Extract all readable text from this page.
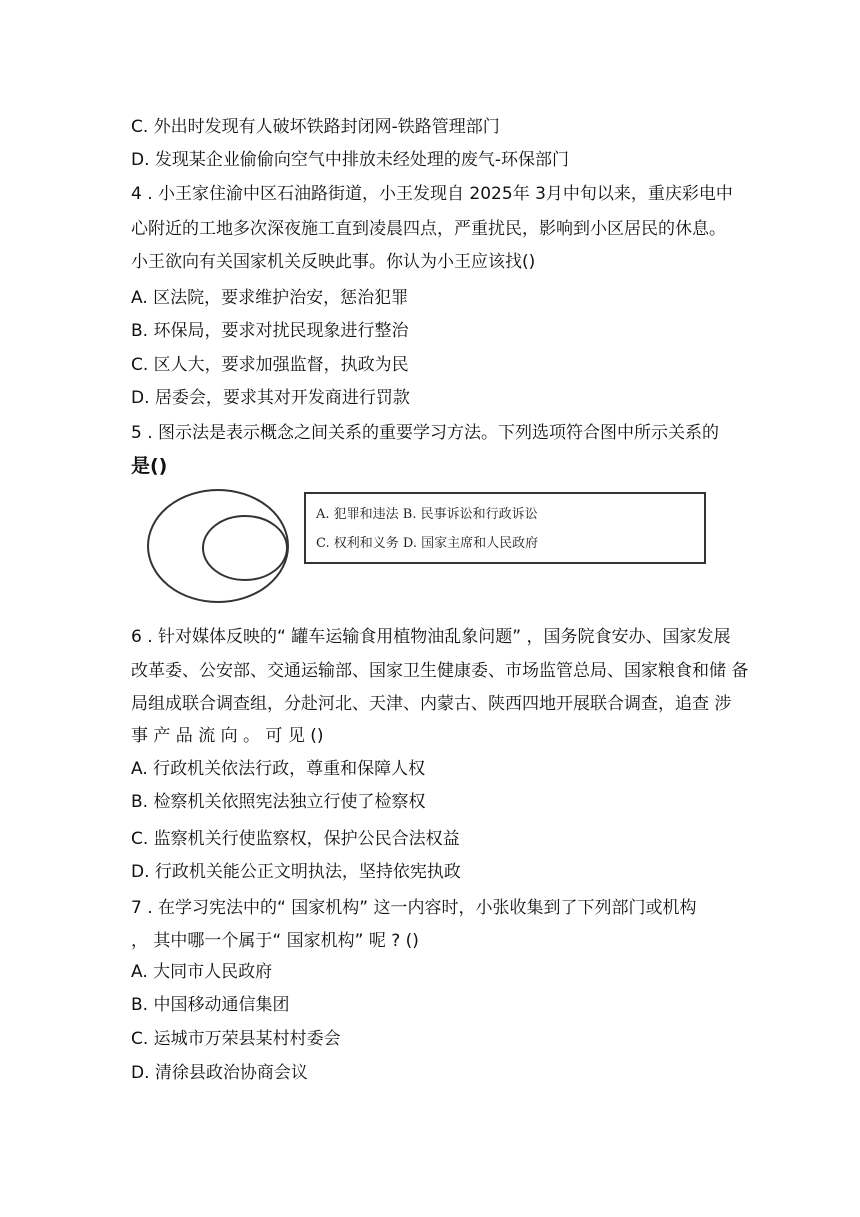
C. 外出时发现有人破坏铁路封闭网-铁路管理部门
D. 发现某企业偷偷向空气中排放未经处理的废气-环保部门
4 . 小王家住渝中区石油路街道，小王发现自 2025年 3月中旬以来，重庆彩电中
心附近的工地多次深夜施工直到凌晨四点，严重扰民，影响到小区居民的休息。
小王欲向有关国家机关反映此事。你认为小王应该找()
A. 区法院，要求维护治安，惩治犯罪
B. 环保局，要求对扰民现象进行整治
C. 区人大，要求加强监督，执政为民
D. 居委会，要求其对开发商进行罚款
5 . 图示法是表示概念之间关系的重要学习方法。下列选项符合图中所示关系的
是()
A. 犯罪和违法 B. 民事诉讼和行政诉讼
C. 权利和义务 D. 国家主席和人民政府
6 . 针对媒体反映的“ 罐车运输食用植物油乱象问题” ，国务院食安办、国家发展
改革委、公安部、交通运输部、国家卫生健康委、市场监管总局、国家粮食和储 备
局组成联合调查组，分赴河北、天津、内蒙古、陕西四地开展联合调查，追查 涉
事 产 品 流 向 。 可 见 ()
A. 行政机关依法行政，尊重和保障人权
B. 检察机关依照宪法独立行使了检察权
C. 监察机关行使监察权，保护公民合法权益
D. 行政机关能公正文明执法，坚持依宪执政
7 . 在学习宪法中的“ 国家机构” 这一内容时，小张收集到了下列部门或机构
， 其中哪一个属于“ 国家机构” 呢 ? ()
A. 大同市人民政府
B. 中国移动通信集团
C. 运城市万荣县某村村委会
D. 清徐县政治协商会议
